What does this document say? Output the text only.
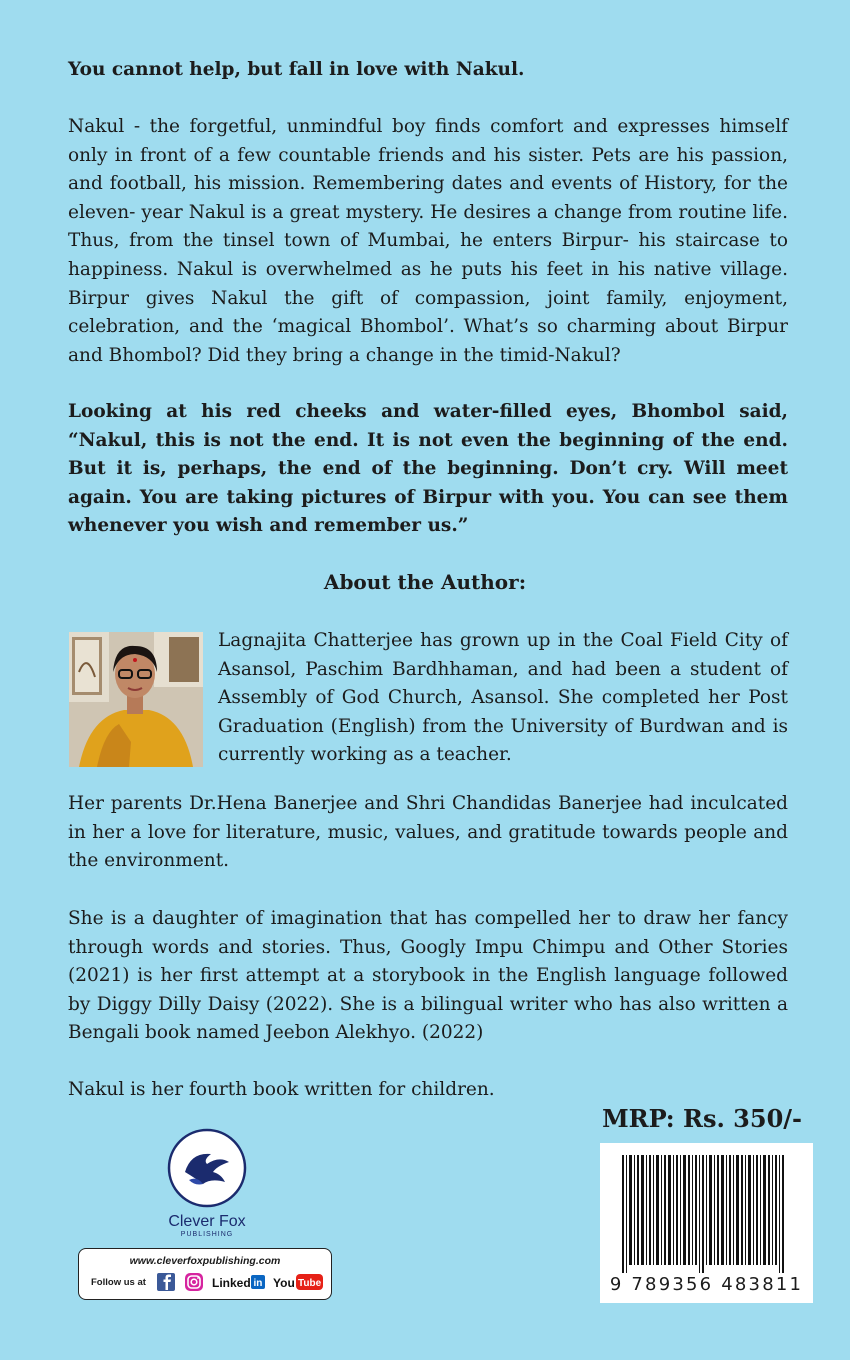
You cannot help, but fall in love with Nakul.

Nakul - the forgetful, unmindful boy finds comfort and expresses himself only in front of a few countable friends and his sister. Pets are his passion, and football, his mission. Remembering dates and events of History, for the eleven- year Nakul is a great mystery. He desires a change from routine life. Thus, from the tinsel town of Mumbai, he enters Birpur- his staircase to happiness. Nakul is overwhelmed as he puts his feet in his native village. Birpur gives Nakul the gift of compassion, joint family, enjoyment, celebration, and the ‘magical Bhombol’. What’s so charming about Birpur and Bhombol? Did they bring a change in the timid-Nakul?

Looking at his red cheeks and water-filled eyes, Bhombol said, “Nakul, this is not the end. It is not even the beginning of the end. But it is, perhaps, the end of the beginning. Don’t cry. Will meet again. You are taking pictures of Birpur with you. You can see them whenever you wish and remember us.”

About the Author:

Lagnajita Chatterjee has grown up in the Coal Field City of Asansol, Paschim Bardhhaman, and had been a student of Assembly of God Church, Asansol. She completed her Post Graduation (English) from the University of Burdwan and is currently working as a teacher.

Her parents Dr.Hena Banerjee and Shri Chandidas Banerjee had inculcated in her a love for literature, music, values, and gratitude towards people and the environment.

She is a daughter of imagination that has compelled her to draw her fancy through words and stories. Thus, Googly Impu Chimpu and Other Stories (2021) is her first attempt at a storybook in the English language followed by Diggy Dilly Daisy (2022). She is a bilingual writer who has also written a Bengali book named Jeebon Alekhyo. (2022)

Nakul is her fourth book written for children.

MRP: Rs. 350/-
9 789356 483811
Clever Fox
PUBLISHING
www.cleverfoxpublishing.com
Follow us at	Linked in You Tube
